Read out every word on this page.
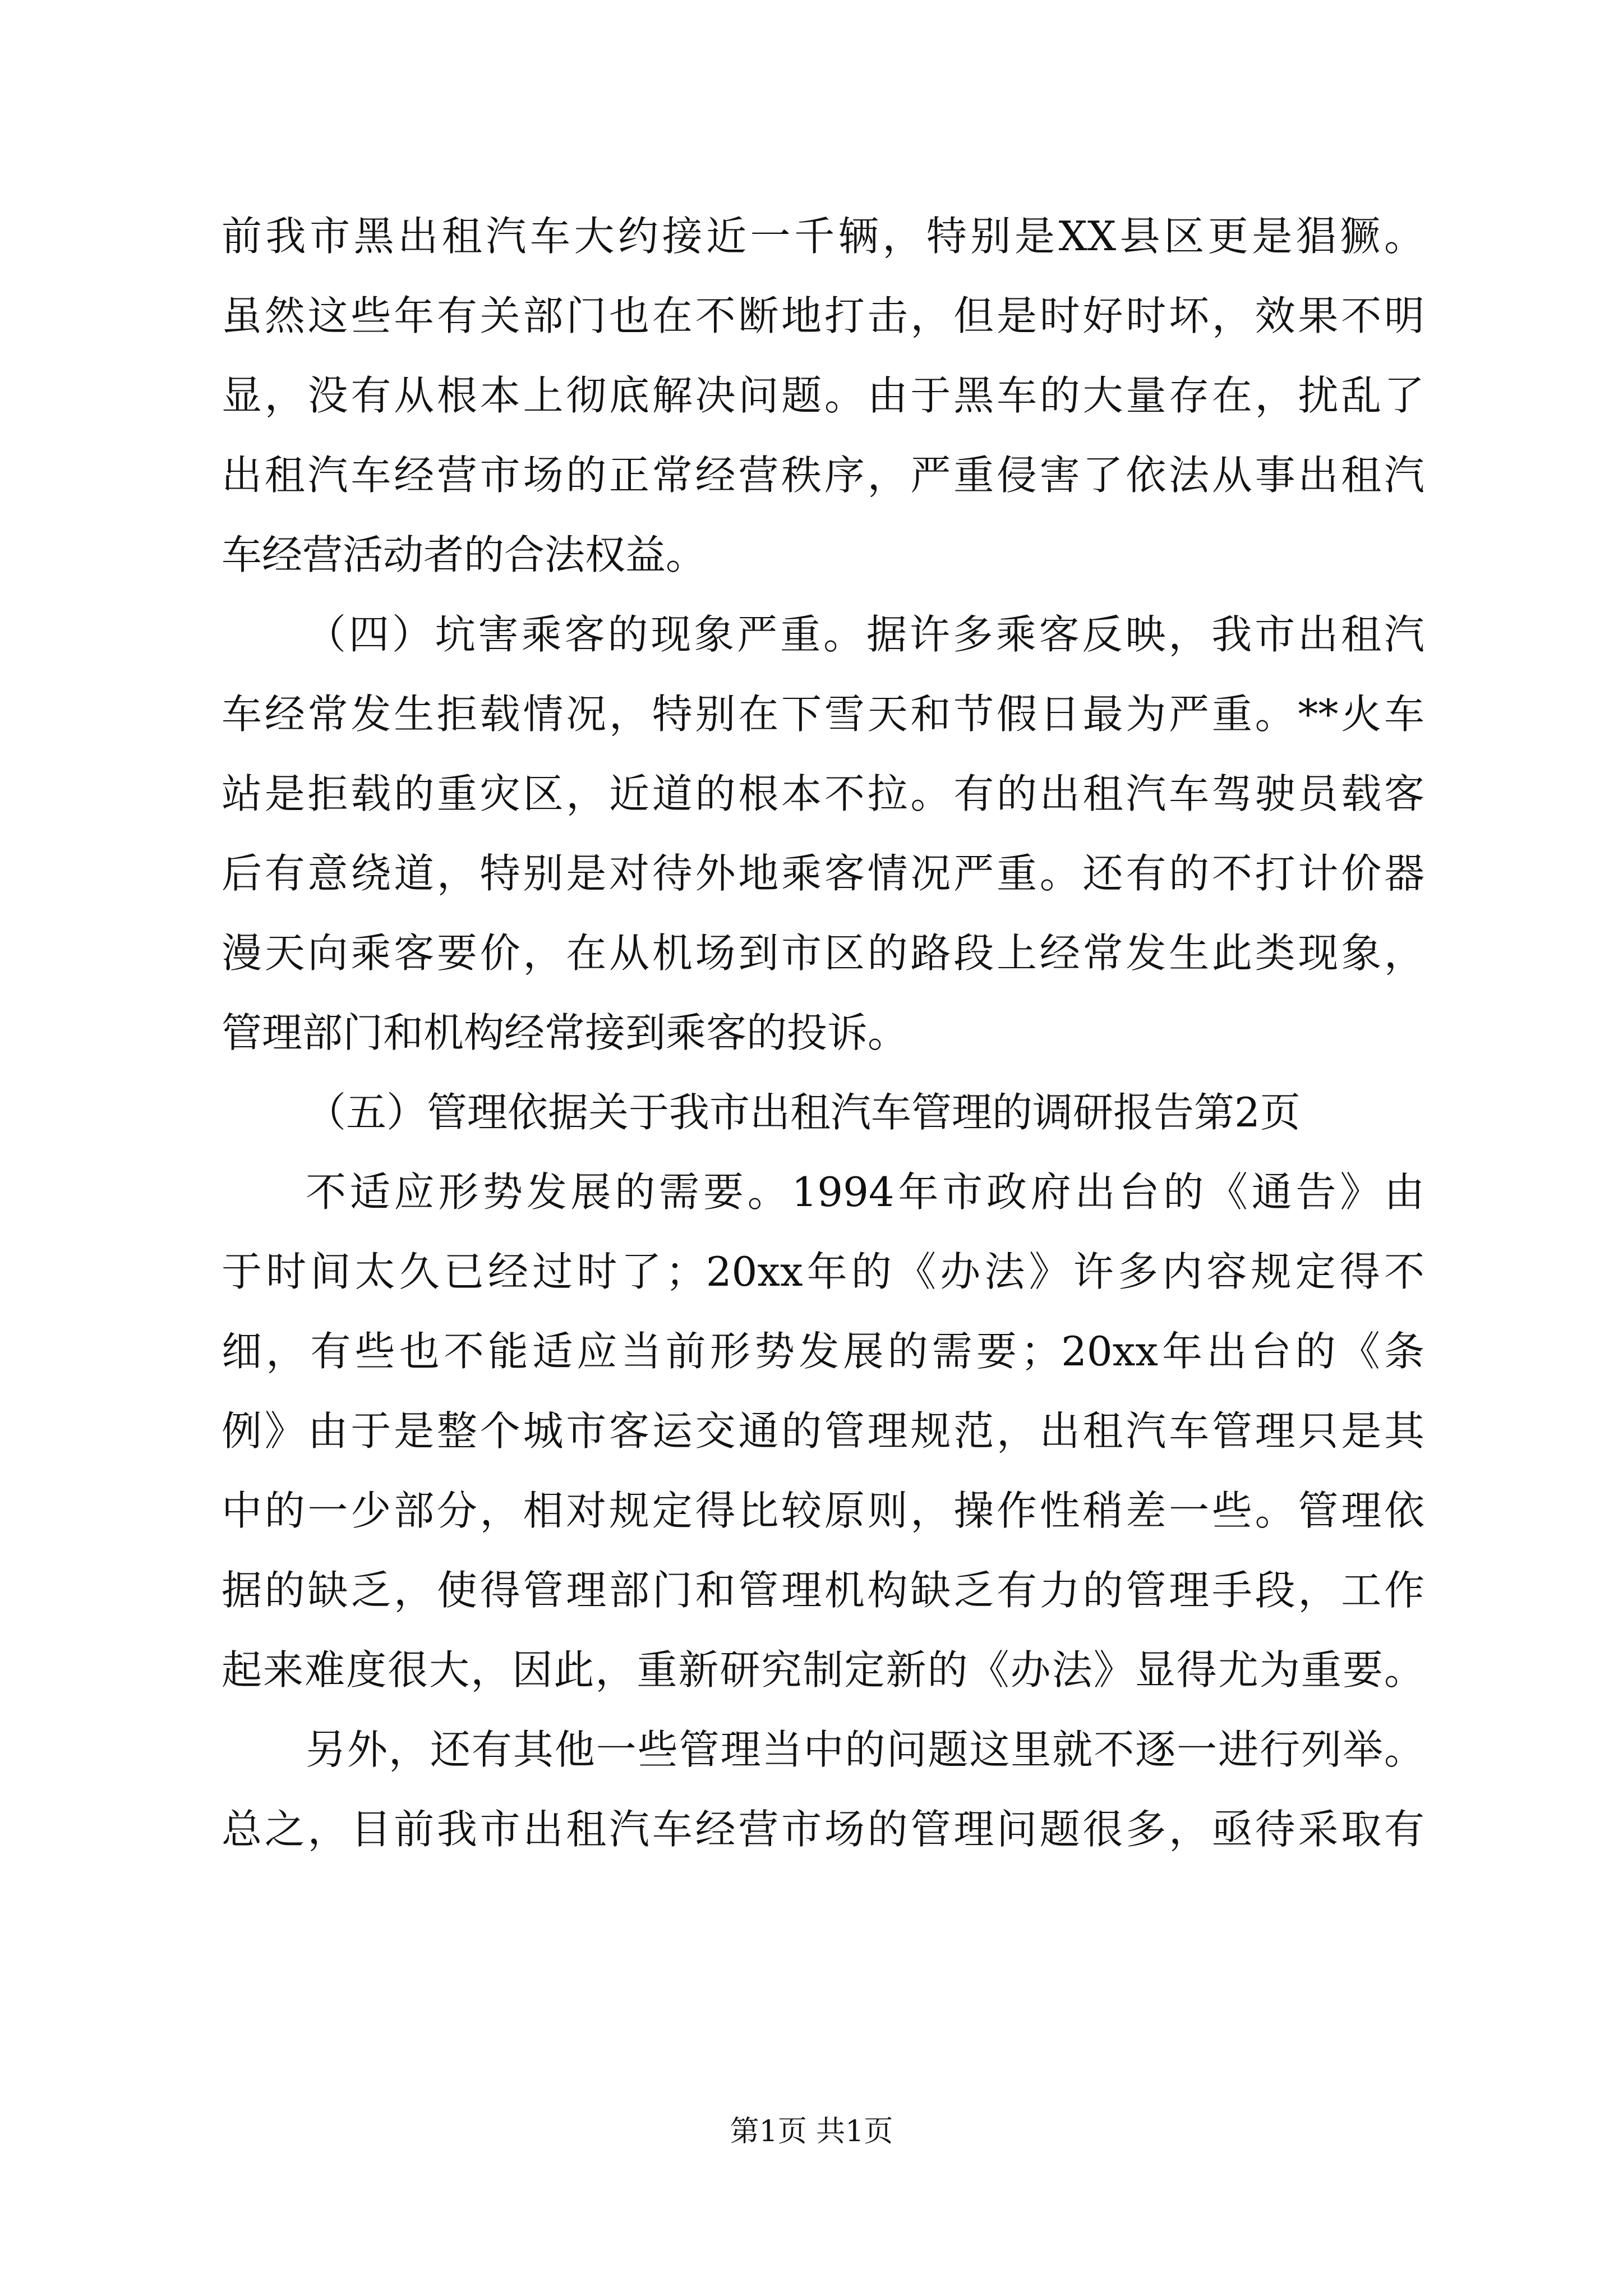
前我市黑出租汽车大约接近一千辆，特别是XX县区更是猖獗。
虽然这些年有关部门也在不断地打击，但是时好时坏，效果不明
显，没有从根本上彻底解决问题。由于黑车的大量存在，扰乱了
出租汽车经营市场的正常经营秩序，严重侵害了依法从事出租汽
车经营活动者的合法权益。
（四）坑害乘客的现象严重。据许多乘客反映，我市出租汽
车经常发生拒载情况，特别在下雪天和节假日最为严重。**火车
站是拒载的重灾区，近道的根本不拉。有的出租汽车驾驶员载客
后有意绕道，特别是对待外地乘客情况严重。还有的不打计价器
漫天向乘客要价，在从机场到市区的路段上经常发生此类现象，
管理部门和机构经常接到乘客的投诉。
（五）管理依据关于我市出租汽车管理的调研报告第2页
不适应形势发展的需要。1994年市政府出台的《通告》由
于时间太久已经过时了；20xx年的《办法》许多内容规定得不
细，有些也不能适应当前形势发展的需要；20xx年出台的《条
例》由于是整个城市客运交通的管理规范，出租汽车管理只是其
中的一少部分，相对规定得比较原则，操作性稍差一些。管理依
据的缺乏，使得管理部门和管理机构缺乏有力的管理手段，工作
起来难度很大，因此，重新研究制定新的《办法》显得尤为重要。
另外，还有其他一些管理当中的问题这里就不逐一进行列举。
总之，目前我市出租汽车经营市场的管理问题很多，亟待采取有
第1页 共1页
